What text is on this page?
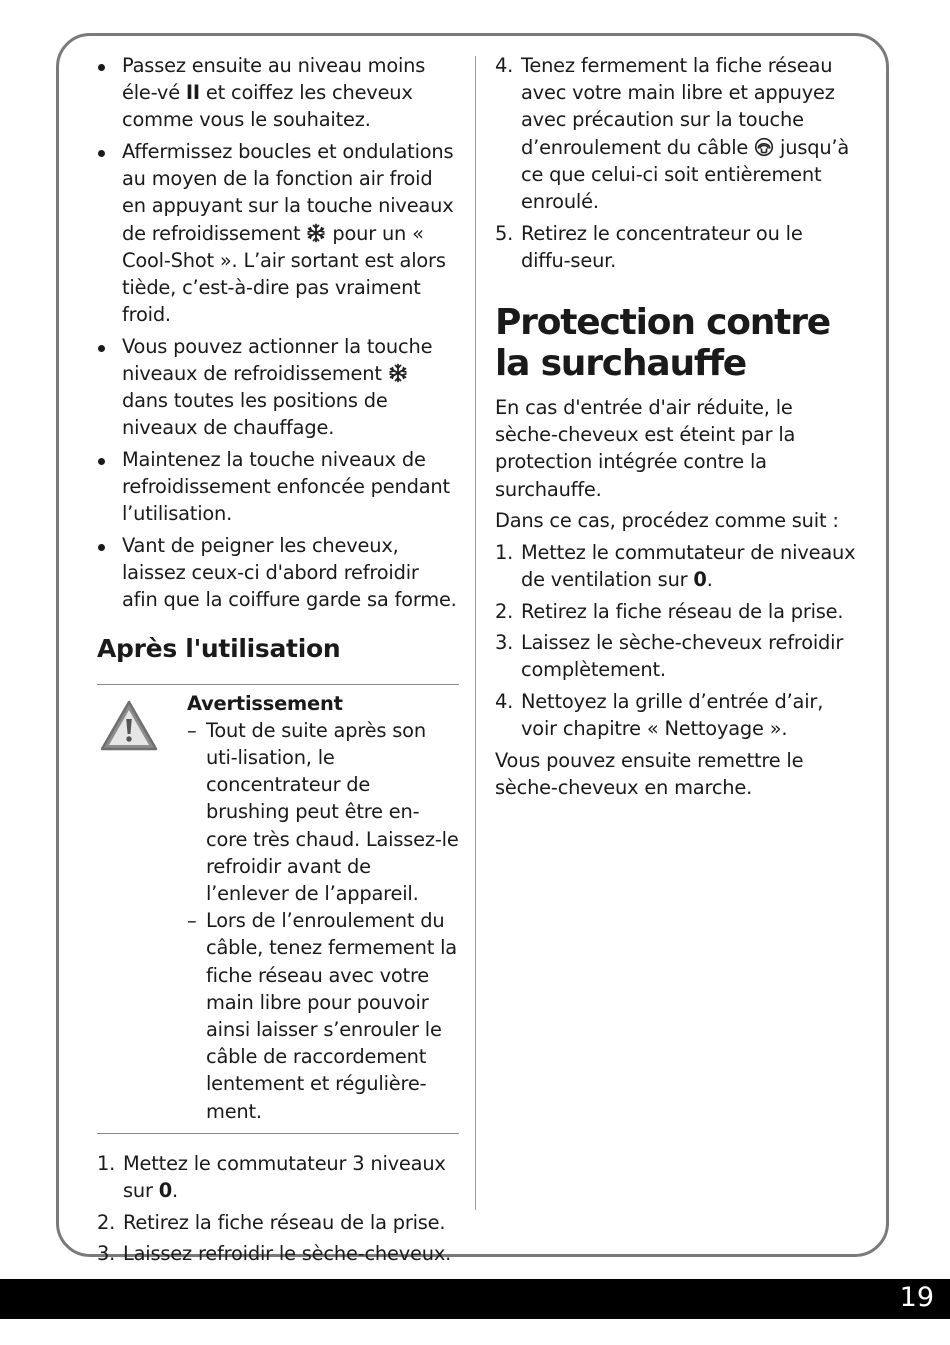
Passez ensuite au niveau moins éle-vé II et coiffez les cheveux comme vous le souhaitez.
Affermissez boucles et ondulations au moyen de la fonction air froid en appuyant sur la touche niveaux de refroidissement  pour un « Cool-Shot ». L’air sortant est alors tiède, c’est-à-dire pas vraiment froid.
Vous pouvez actionner la touche niveaux de refroidissement  dans toutes les positions de niveaux de chauffage.
Maintenez la touche niveaux de refroidissement enfoncée pendant l’utilisation.
Vant de peigner les cheveux, laissez ceux-ci d'abord refroidir afin que la coiffure garde sa forme.
Après l'utilisation
Avertissement
– Tout de suite après son uti-lisation, le concentrateur de brushing peut être en-core très chaud. Laissez-le refroidir avant de l’enlever de l’appareil.
– Lors de l’enroulement du câble, tenez fermement la fiche réseau avec votre main libre pour pouvoir ainsi laisser s’enrouler le câble de raccordement lentement et régulière-ment.
1. Mettez le commutateur 3 niveaux sur 0.
2. Retirez la fiche réseau de la prise.
3. Laissez refroidir le sèche-cheveux.
4. Tenez fermement la fiche réseau avec votre main libre et appuyez avec précaution sur la touche d’enroulement du câble  jusqu’à ce que celui-ci soit entièrement enroulé.
5. Retirez le concentrateur ou le diffu-seur.
Protection contre la surchauffe

En cas d'entrée d'air réduite, le sèche-cheveux est éteint par la protection intégrée contre la surchauffe.

Dans ce cas, procédez comme suit :

1. Mettez le commutateur de niveaux de ventilation sur 0.
2. Retirez la fiche réseau de la prise.
3. Laissez le sèche-cheveux refroidir complètement.
4. Nettoyez la grille d’entrée d’air, voir chapitre « Nettoyage ».

Vous pouvez ensuite remettre le sèche-cheveux en marche.

19
